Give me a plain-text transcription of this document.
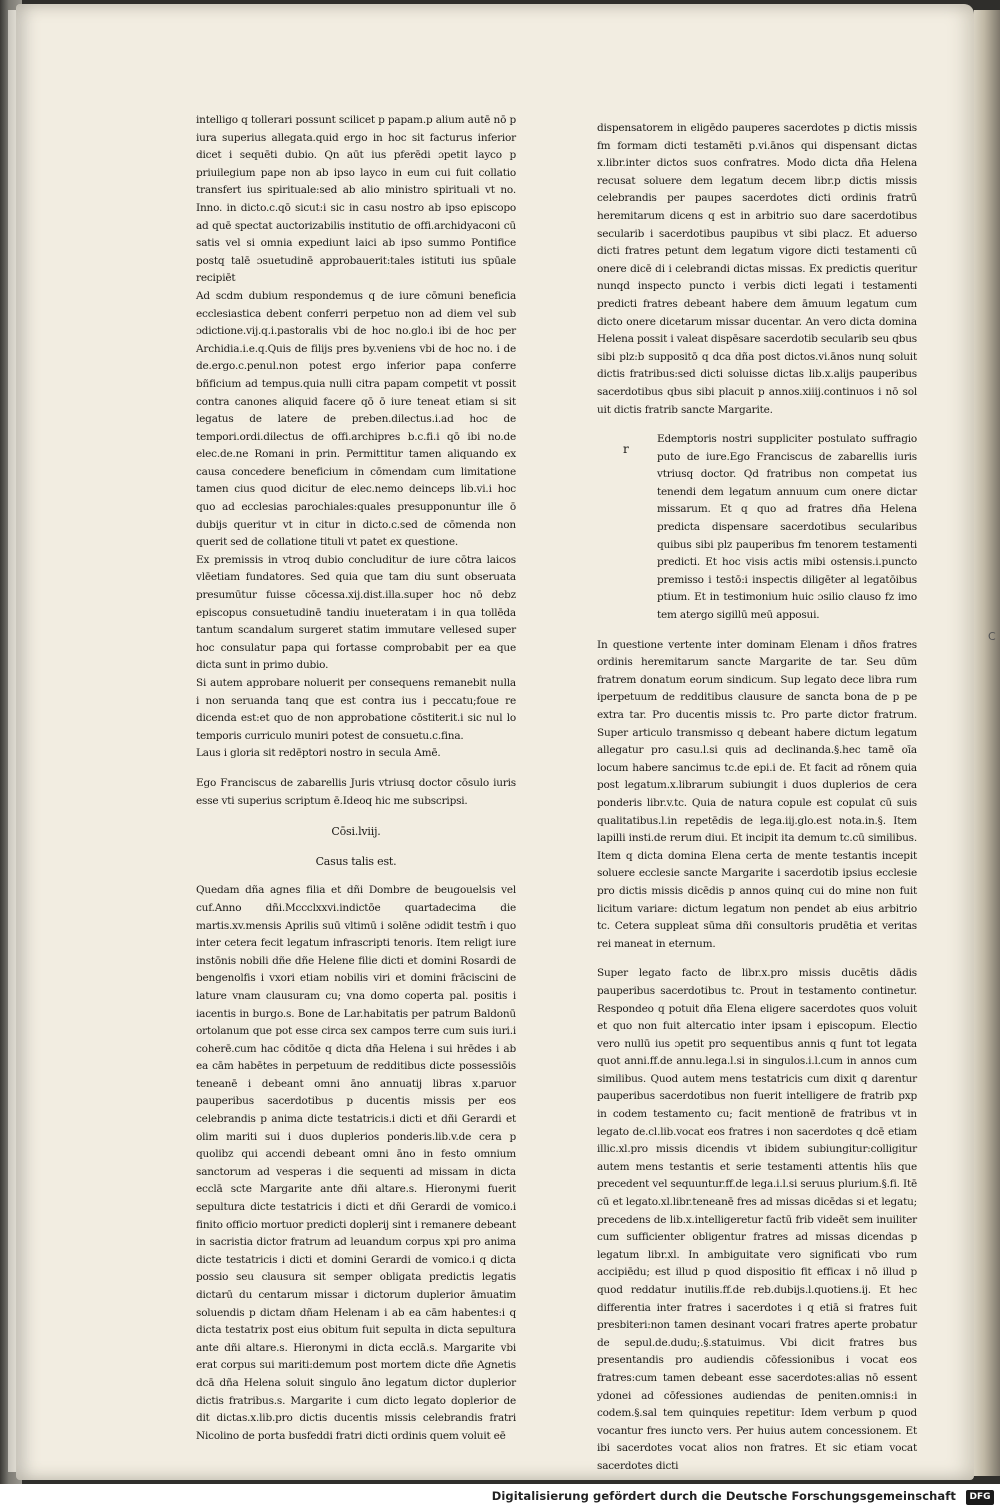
C

intelligo q tollerari possunt scilicet p papam.p alium autē nō p iura superius allegata.quid ergo in hoc sit facturus inferior dicet i sequēti dubio. Qn aūt ius pferēdi ɔpetit layco p priuilegium pape non ab ipso layco in eum cui fuit collatio transfert ius spirituale:sed ab alio ministro spirituali vt no. Inno. in dicto.c.qō sicut:i sic in casu nostro ab ipso episcopo ad quē spectat auctorizabilis institutio de offi.archidyaconi cū satis vel si omnia expediunt laici ab ipso summo Pontifice postq talē ɔsuetudinē approbauerit:tales istituti ius spūale recipiēt

Ad scdm dubium respondemus q de iure cōmuni beneficia ecclesiastica debent conferri perpetuo non ad diem vel sub ɔdictione.vij.q.i.pastoralis vbi de hoc no.glo.i ibi de hoc per Archidia.i.e.q.Quis de filijs pres by.veniens vbi de hoc no. i de de.ergo.c.penul.non potest ergo inferior papa conferre bñficium ad tempus.quia nulli citra papam competit vt possit contra canones aliquid facere qō ō iure teneat etiam si sit legatus de latere de preben.dilectus.i.ad hoc de tempori.ordi.dilectus de offi.archipres b.c.fi.i qō ibi no.de elec.de.ne Romani in prin. Permittitur tamen aliquando ex causa concedere beneficium in cōmendam cum limitatione tamen cius quod dicitur de elec.nemo deinceps lib.vi.i hoc quo ad ecclesias parochiales:quales presupponuntur ille ō dubijs queritur vt in citur in dicto.c.sed de cōmenda non querit sed de collatione tituli vt patet ex questione.

Ex premissis in vtroq dubio concluditur de iure cōtra laicos vlēetiam fundatores. Sed quia que tam diu sunt obseruata presumūtur fuisse cōcessa.xij.dist.illa.super hoc nō debz episcopus consuetudinē tandiu inueteratam i in qua tollēda tantum scandalum surgeret statim immutare vellesed super hoc consulatur papa qui fortasse comprobabit per ea que dicta sunt in primo dubio.

Si autem approbare noluerit per consequens remanebit nulla i non seruanda tanq que est contra ius i peccatu;foue re dicenda est:et quo de non approbatione cōstiterit.i sic nul lo temporis curriculo muniri potest de consuetu.c.fina.

Laus i gloria sit redēptori nostro in secula Amē.

Ego Franciscus de zabarellis Juris vtriusq doctor cōsulo iuris esse vti superius scriptum ē.Ideoq hic me subscripsi.

Cōsi.lviij.
Casus talis est.

Quedam dña agnes filia et dñi Dombre de beugouelsis vel cuf.Anno dñi.Mccclxxvi.indictōe quartadecima die martis.xv.mensis Aprilis suū vltimū i solēne ɔdidit testm̄ i quo inter cetera fecit legatum infrascripti tenoris. Item religt iure instōnis nobili dñe dñe Helene filie dicti et domini Rosardi de bengenolfis i vxori etiam nobilis viri et domini frāciscini de lature vnam clausuram cu; vna domo coperta pal. positis i iacentis in burgo.s. Bone de Lar.habitatis per patrum Baldonū ortolanum que pot esse circa sex campos terre cum suis iuri.i coherē.cum hac cōditōe q dicta dña Helena i sui hrēdes i ab ea cām habētes in perpetuum de redditibus dicte possessiōis teneanē i debeant omni āno annuatij libras x.paruor pauperibus sacerdotibus p ducentis missis per eos celebrandis p anima dicte testatricis.i dicti et dñi Gerardi et olim mariti sui i duos duplerios ponderis.lib.v.de cera p quolibz qui accendi debeant omni āno in festo omnium sanctorum ad vesperas i die sequenti ad missam in dicta ecclā scte Margarite ante dñi altare.s. Hieronymi fuerit sepultura dicte testatricis i dicti et dñi Gerardi de vomico.i finito officio mortuor predicti doplerij sint i remanere debeant in sacristia dictor fratrum ad leuandum corpus xpi pro anima dicte testatricis i dicti et domini Gerardi de vomico.i q dicta possio seu clausura sit semper obligata predictis legatis dictarū du centarum missar i dictorum duplerior āmuatim soluendis p dictam dñam Helenam i ab ea cām habentes:i q dicta testatrix post eius obitum fuit sepulta in dicta sepultura ante dñi altare.s. Hieronymi in dicta ecclā.s. Margarite vbi erat corpus sui mariti:demum post mortem dicte dñe Agnetis dcā dña Helena soluit singulo āno legatum dictor duplerior dictis fratribus.s. Margarite i cum dicto legato doplerior de dit dictas.x.lib.pro dictis ducentis missis celebrandis fratri Nicolino de porta busfeddi fratri dicti ordinis quem voluit eē

dispensatorem in eligēdo pauperes sacerdotes p dictis missis fm formam dicti testamēti p.vi.ānos qui dispensant dictas x.libr.inter dictos suos confratres. Modo dicta dña Helena recusat soluere dem legatum decem libr.p dictis missis celebrandis per paupes sacerdotes dicti ordinis fratrū heremitarum dicens q est in arbitrio suo dare sacerdotibus secularib i sacerdotibus paupibus vt sibi placz. Et aduerso dicti fratres petunt dem legatum vigore dicti testamenti cū onere dicē di i celebrandi dictas missas. Ex predictis queritur nunqd inspecto puncto i verbis dicti legati i testamenti predicti fratres debeant habere dem āmuum legatum cum dicto onere dicetarum missar ducentar. An vero dicta domina Helena possit i valeat dispēsare sacerdotib secularib seu qbus sibi plz:b suppositō q dca dña post dictos.vi.ānos nunq soluit dictis fratribus:sed dicti soluisse dictas lib.x.alijs pauperibus sacerdotibus qbus sibi placuit p annos.xiiij.continuos i nō sol uit dictis fratrib sancte Margarite.

r

Edemptoris nostri suppliciter postulato suffragio puto de iure.Ego Franciscus de zabarellis iuris vtriusq doctor. Qd fratribus non competat ius tenendi dem legatum annuum cum onere dictar missarum. Et q quo ad fratres dña Helena predicta dispensare sacerdotibus secularibus quibus sibi plz pauperibus fm tenorem testamenti predicti. Et hoc visis actis mibi ostensis.i.puncto premisso i testō:i inspectis diligēter al legatōibus ptium. Et in testimonium huic ɔsilio clauso fz imo tem atergo sigillū meū apposui.

In questione vertente inter dominam Elenam i dños fratres ordinis heremitarum sancte Margarite de tar. Seu dūm fratrem donatum eorum sindicum. Sup legato dece libra rum iperpetuum de redditibus clausure de sancta bona de p pe extra tar. Pro ducentis missis tc. Pro parte dictor fratrum. Super articulo transmisso q debeant habere dictum legatum allegatur pro casu.l.si quis ad declinanda.§.hec tamē oīa locum habere sancimus tc.de epi.i de. Et facit ad rōnem quia post legatum.x.librarum subiungit i duos duplerios de cera ponderis libr.v.tc. Quia de natura copule est copulat cū suis qualitatibus.l.in repetēdis de lega.iij.glo.est nota.in.§. Item lapilli insti.de rerum diui. Et incipit ita demum tc.cū similibus. Item q dicta domina Elena certa de mente testantis incepit soluere ecclesie sancte Margarite i sacerdotib ipsius ecclesie pro dictis missis dicēdis p annos quinq cui do mine non fuit licitum variare: dictum legatum non pendet ab eius arbitrio tc. Cetera suppleat sūma dñi consultoris prudētia et veritas rei maneat in eternum.

Super legato facto de libr.x.pro missis ducētis dādis pauperibus sacerdotibus tc. Prout in testamento continetur. Respondeo q potuit dña Elena eligere sacerdotes quos voluit et quo non fuit altercatio inter ipsam i episcopum. Electio vero nullū ius ɔpetit pro sequentibus annis q funt tot legata quot anni.ff.de annu.lega.l.si in singulos.i.l.cum in annos cum similibus. Quod autem mens testatricis cum dixit q darentur pauperibus sacerdotibus non fuerit intelligere de fratrib pxp in codem testamento cu; facit mentionē de fratribus vt in legato de.cl.lib.vocat eos fratres i non sacerdotes q dcē etiam illic.xl.pro missis dicendis vt ibidem subiungitur:colligitur autem mens testantis et serie testamenti attentis hīis que precedent vel sequuntur.ff.de lega.i.l.si seruus plurium.§.fi. Itē cū et legato.xl.libr.teneanē fres ad missas dicēdas si et legatu; precedens de lib.x.intelligeretur factū frib videēt sem inuiliter cum sufficienter obligentur fratres ad missas dicendas p legatum libr.xl. In ambiguitate vero significati vbo rum accipiēdu; est illud p quod dispositio fit efficax i nō illud p quod reddatur inutilis.ff.de reb.dubijs.l.quotiens.ij. Et hec differentia inter fratres i sacerdotes i q etiā si fratres fuit presbiteri:non tamen desinant vocari fratres aperte probatur de sepul.de.dudu;.§.statuimus. Vbi dicit fratres bus presentandis pro audiendis cōfessionibus i vocat eos fratres:cum tamen debeant esse sacerdotes:alias nō essent ydonei ad cōfessiones audiendas de peniten.omnis:i in codem.§.sal tem quinquies repetitur: Idem verbum p quod vocantur fres iuncto vers. Per huius autem concessionem. Et ibi sacerdotes vocat alios non fratres. Et sic etiam vocat sacerdotes dicti

Digitalisierung gefördert durch die Deutsche Forschungsgemeinschaft	DFG
